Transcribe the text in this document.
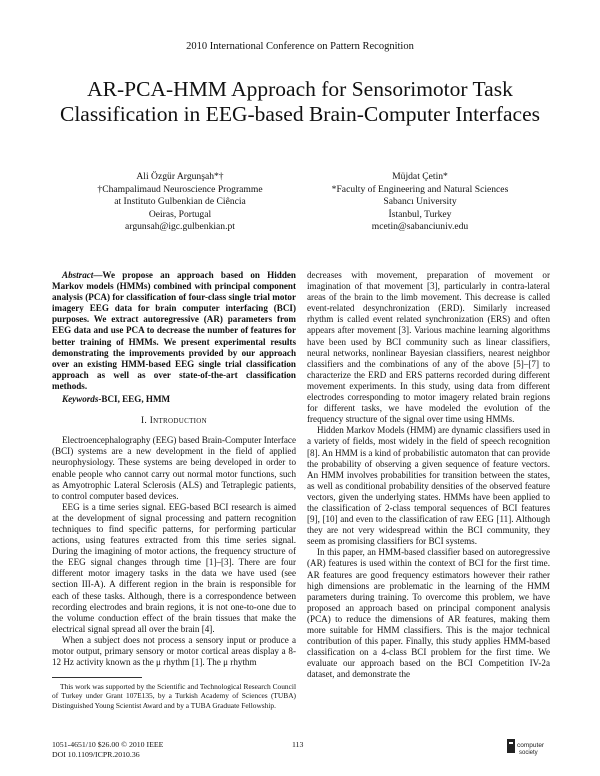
2010 International Conference on Pattern Recognition
AR-PCA-HMM Approach for Sensorimotor Task Classification in EEG-based Brain-Computer Interfaces
Ali Özgür Argunşah*†
†Champalimaud Neuroscience Programme
at Instituto Gulbenkian de Ciência
Oeiras, Portugal
argunsah@igc.gulbenkian.pt
Müjdat Çetin*
*Faculty of Engineering and Natural Sciences
Sabancı University
İstanbul, Turkey
mcetin@sabanciuniv.edu

Abstract—We propose an approach based on Hidden Markov models (HMMs) combined with principal component analysis (PCA) for classification of four-class single trial motor imagery EEG data for brain computer interfacing (BCI) purposes. We extract autoregressive (AR) parameters from EEG data and use PCA to decrease the number of features for better training of HMMs. We present experimental results demonstrating the improvements provided by our approach over an existing HMM-based EEG single trial classification approach as well as over state-of-the-art classification methods.

Keywords-BCI, EEG, HMM

I. Introduction

Electroencephalography (EEG) based Brain-Computer Interface (BCI) systems are a new development in the field of applied neurophysiology. These systems are being developed in order to enable people who cannot carry out normal motor functions, such as Amyotrophic Lateral Sclerosis (ALS) and Tetraplegic patients, to control computer based devices.

EEG is a time series signal. EEG-based BCI research is aimed at the development of signal processing and pattern recognition techniques to find specific patterns, for performing particular actions, using features extracted from this time series signal. During the imagining of motor actions, the frequency structure of the EEG signal changes through time [1]–[3]. There are four different motor imagery tasks in the data we have used (see section III-A). A different region in the brain is responsible for each of these tasks. Although, there is a correspondence between recording electrodes and brain regions, it is not one-to-one due to the volume conduction effect of the brain tissues that make the electrical signal spread all over the brain [4].

When a subject does not process a sensory input or produce a motor output, primary sensory or motor cortical areas display a 8-12 Hz activity known as the μ rhythm [1]. The μ rhythm

This work was supported by the Scientific and Technological Research Council of Turkey under Grant 107E135, by a Turkish Academy of Sciences (TUBA) Distinguished Young Scientist Award and by a TUBA Graduate Fellowship.

decreases with movement, preparation of movement or imagination of that movement [3], particularly in contra-lateral areas of the brain to the limb movement. This decrease is called event-related desynchronization (ERD). Similarly increased rhythm is called event related synchronization (ERS) and often appears after movement [3]. Various machine learning algorithms have been used by BCI community such as linear classifiers, neural networks, nonlinear Bayesian classifiers, nearest neighbor classifiers and the combinations of any of the above [5]–[7] to characterize the ERD and ERS patterns recorded during different movement experiments. In this study, using data from different electrodes corresponding to motor imagery related brain regions for different tasks, we have modeled the evolution of the frequency structure of the signal over time using HMMs.

Hidden Markov Models (HMM) are dynamic classifiers used in a variety of fields, most widely in the field of speech recognition [8]. An HMM is a kind of probabilistic automaton that can provide the probability of observing a given sequence of feature vectors. An HMM involves probabilities for transition between the states, as well as conditional probability densities of the observed feature vectors, given the underlying states. HMMs have been applied to the classification of 2-class temporal sequences of BCI features [9], [10] and even to the classification of raw EEG [11]. Although they are not very widespread within the BCI community, they seem as promising classifiers for BCI systems.

In this paper, an HMM-based classifier based on autoregressive (AR) features is used within the context of BCI for the first time. AR features are good frequency estimators however their rather high dimensions are problematic in the learning of the HMM parameters during training. To overcome this problem, we have proposed an approach based on principal component analysis (PCA) to reduce the dimensions of AR features, making them more suitable for HMM classifiers. This is the major technical contribution of this paper. Finally, this study applies HMM-based classification on a 4-class BCI problem for the first time. We evaluate our approach based on the BCI Competition IV-2a dataset, and demonstrate the

1051-4651/10 $26.00 © 2010 IEEE
DOI 10.1109/ICPR.2010.36
113	computer
society
